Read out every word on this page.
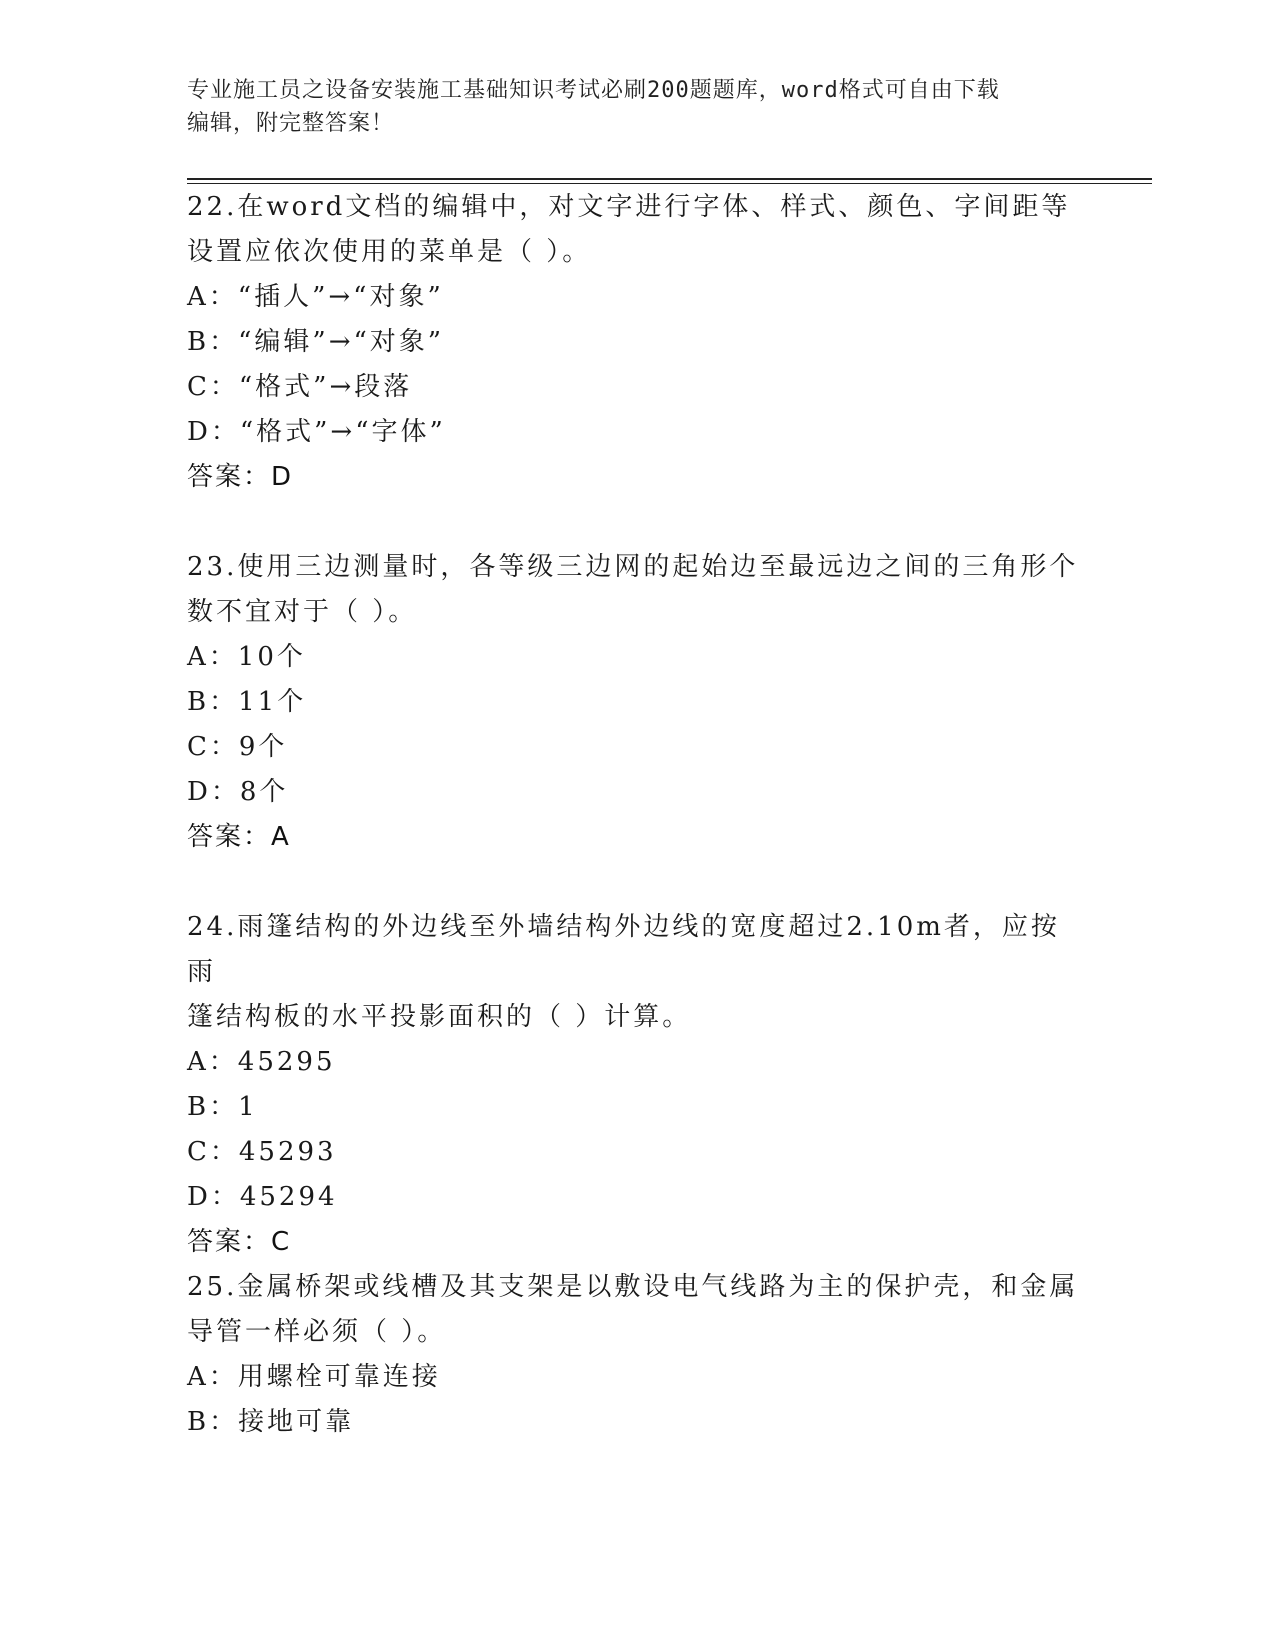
专业施工员之设备安装施工基础知识考试必刷200题题库，word格式可自由下载
编辑，附完整答案！
22.在word文档的编辑中，对文字进行字体、样式、颜色、字间距等
设置应依次使用的菜单是（ ）。
A：“插人”→“对象”
B：“编辑”→“对象”
C：“格式”→段落
D：“格式”→“字体”
答案：D
23.使用三边测量时，各等级三边网的起始边至最远边之间的三角形个
数不宜对于（ ）。
A：10个
B：11个
C：9个
D：8个
答案：A
24.雨篷结构的外边线至外墙结构外边线的宽度超过2.10m者，应按雨
篷结构板的水平投影面积的（ ）计算。
A：45295
B：1
C：45293
D：45294
答案：C
25.金属桥架或线槽及其支架是以敷设电气线路为主的保护壳，和金属
导管一样必须（ ）。
A：用螺栓可靠连接
B：接地可靠
